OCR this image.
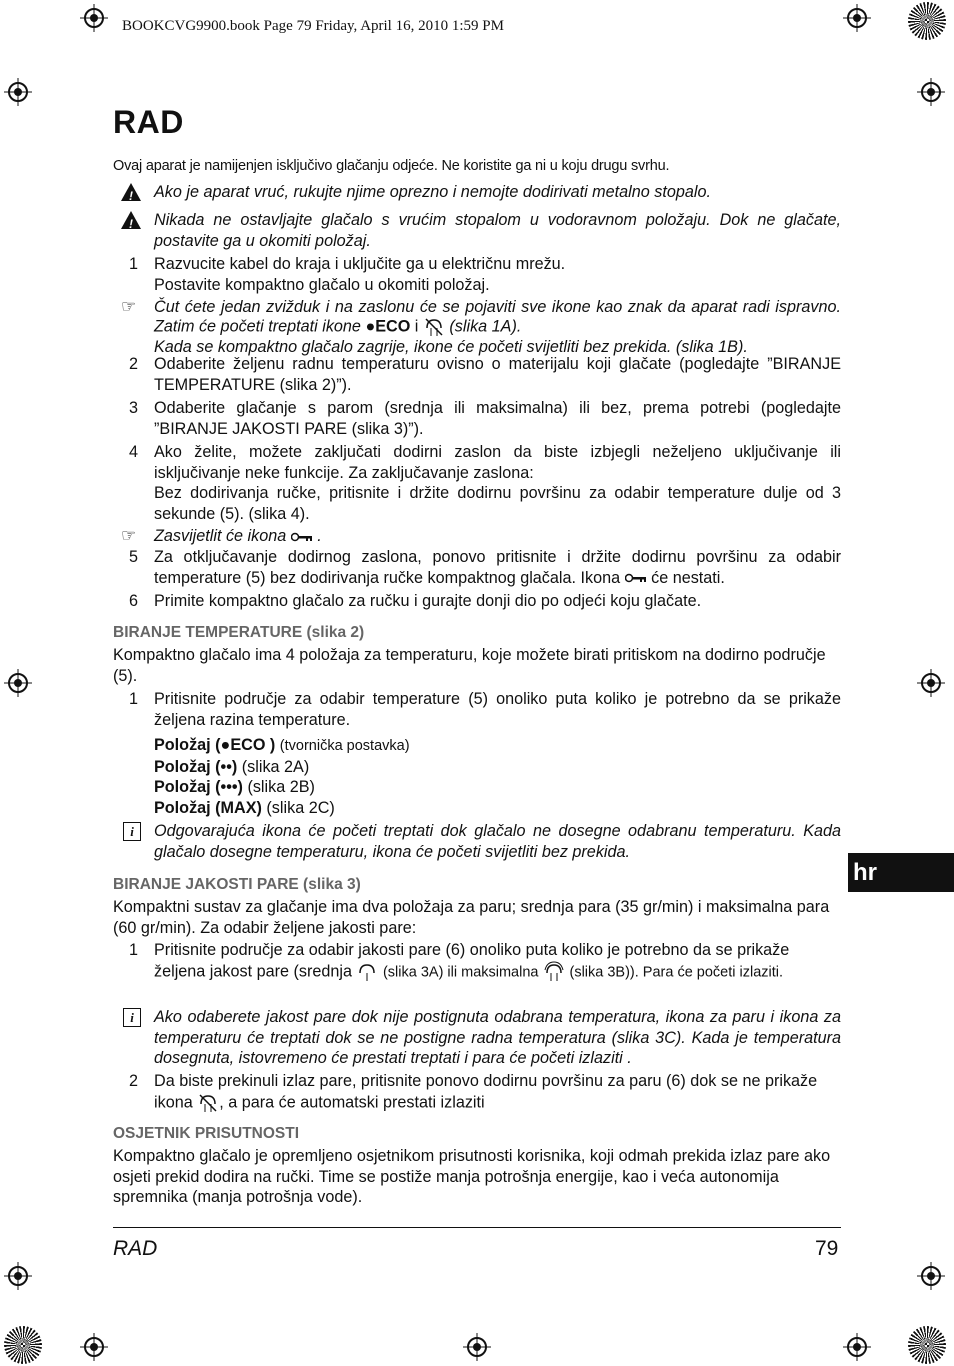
BOOKCVG9900.book Page 79 Friday, April 16, 2010 1:59 PM
RAD
Ovaj aparat je namijenjen isključivo glačanju odjeće. Ne koristite ga ni u koju drugu svrhu.
!
Ako je aparat vruć, rukujte njime oprezno i nemojte dodirivati metalno stopalo.
!
Nikada ne ostavljajte glačalo s vrućim stopalom u vodoravnom položaju. Dok ne glačate, postavite ga u okomiti položaj.
1 Razvucite kabel do kraja i uključite ga u električnu mrežu.
Postavite kompaktno glačalo u okomiti položaj.
☞ Čut ćete jedan zvižduk i na zaslonu će se pojaviti sve ikone kao znak da aparat radi ispravno. Zatim će početi treptati ikone ●ECO i (slika 1A).
Kada se kompaktno glačalo zagrije, ikone će početi svijetliti bez prekida. (slika 1B).
2 Odaberite željenu radnu temperaturu ovisno o materijalu koji glačate (pogledajte ”BIRANJE TEMPERATURE (slika 2)”).
3 Odaberite glačanje s parom (srednja ili maksimalna) ili bez, prema potrebi (pogledajte ”BIRANJE JAKOSTI PARE (slika 3)”).
4 Ako želite, možete zaključati dodirni zaslon da biste izbjegli neželjeno uključivanje ili isključivanje neke funkcije. Za zaključavanje zaslona:
Bez dodirivanja ručke, pritisnite i držite dodirnu površinu za odabir temperature dulje od 3 sekunde (5). (slika 4).
☞ Zasvijetlit će ikona .
5 Za otključavanje dodirnog zaslona, ponovo pritisnite i držite dodirnu površinu za odabir temperature (5) bez dodirivanja ručke kompaktnog glačala. Ikona će nestati.
6 Primite kompaktno glačalo za ručku i gurajte donji dio po odjeći koju glačate.
BIRANJE TEMPERATURE (slika 2)
Kompaktno glačalo ima 4 položaja za temperaturu, koje možete birati pritiskom na dodirno područje (5).
1 Pritisnite područje za odabir temperature (5) onoliko puta koliko je potrebno da se prikaže željena razina temperature.
Položaj (●ECO ) (tvornička postavka)
Položaj (••) (slika 2A)
Položaj (•••) (slika 2B)
Položaj (MAX) (slika 2C)
i	Odgovarajuća ikona će početi treptati dok glačalo ne dosegne odabranu temperaturu. Kada glačalo dosegne temperaturu, ikona će početi svijetliti bez prekida.
hr
BIRANJE JAKOSTI PARE (slika 3)
Kompaktni sustav za glačanje ima dva položaja za paru; srednja para (35 gr/min) i maksimalna para (60 gr/min). Za odabir željene jakosti pare:
1 Pritisnite područje za odabir jakosti pare (6) onoliko puta koliko je potrebno da se prikaže željena jakost pare (srednja (slika 3A) ili maksimalna (slika 3B)). Para će početi izlaziti.
i	Ako odaberete jakost pare dok nije postignuta odabrana temperatura, ikona za paru i ikona za temperaturu će treptati dok se ne postigne radna temperatura (slika 3C). Kada je temperatura dosegnuta, istovremeno će prestati treptati i para će početi izlaziti .
2 Da biste prekinuli izlaz pare, pritisnite ponovo dodirnu površinu za paru (6) dok se ne prikaže ikona , a para će automatski prestati izlaziti
OSJETNIK PRISUTNOSTI
Kompaktno glačalo je opremljeno osjetnikom prisutnosti korisnika, koji odmah prekida izlaz pare ako osjeti prekid dodira na ručki. Time se postiže manja potrošnja energije, kao i veća autonomija spremnika (manja potrošnja vode).
RAD	79
